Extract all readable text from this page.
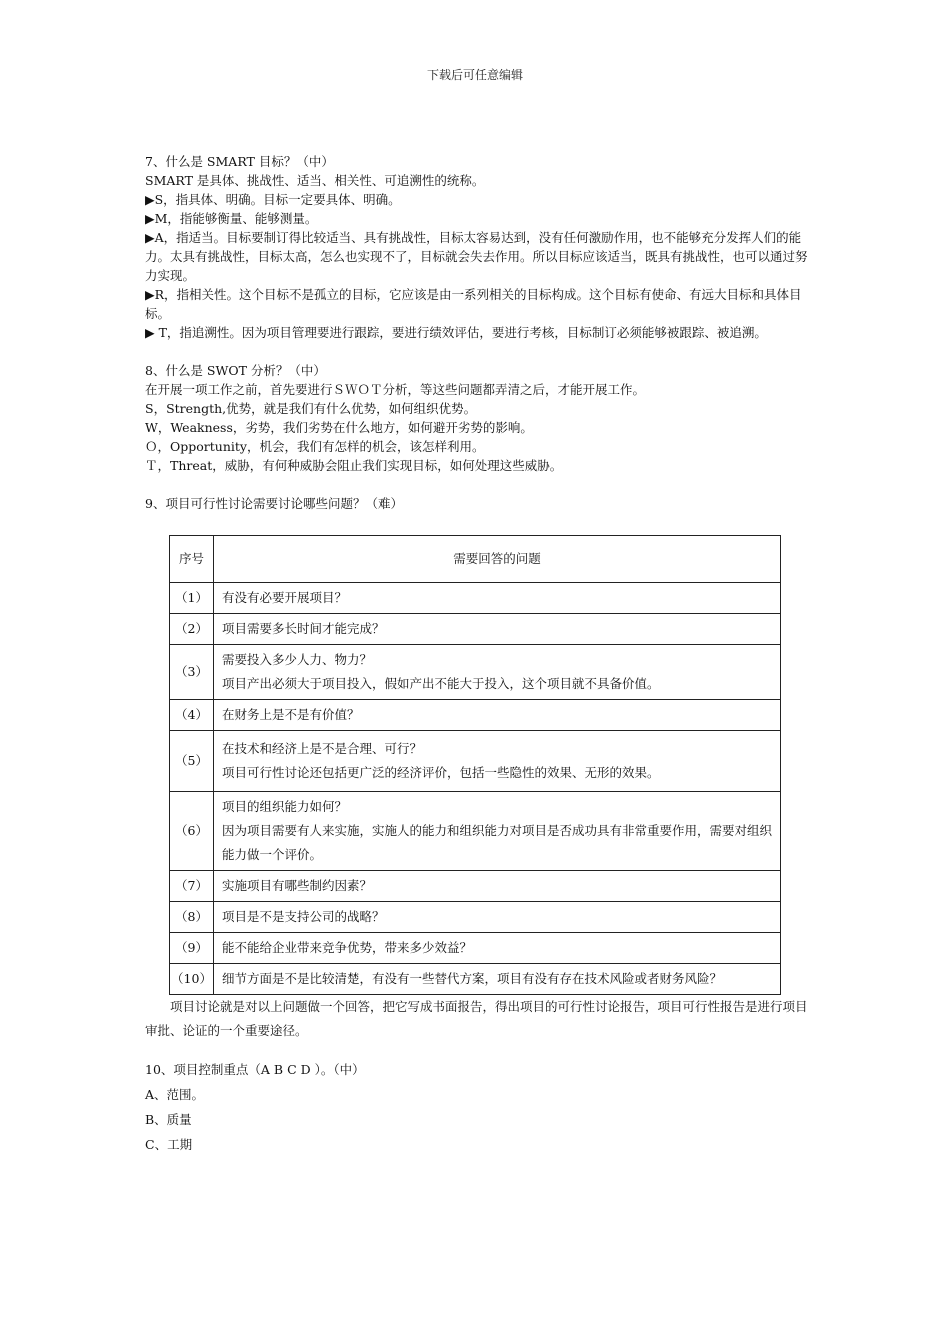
下载后可任意编辑

7、什么是 SMART 目标？（中）

SMART 是具体、挑战性、适当、相关性、可追溯性的统称。

▶S，指具体、明确。目标一定要具体、明确。

▶M，指能够衡量、能够测量。

▶A，指适当。目标要制订得比较适当、具有挑战性，目标太容易达到，没有任何激励作用，也不能够充分发挥人们的能力。太具有挑战性，目标太高，怎么也实现不了，目标就会失去作用。所以目标应该适当，既具有挑战性，也可以通过努力实现。

▶R，指相关性。这个目标不是孤立的目标，它应该是由一系列相关的目标构成。这个目标有使命、有远大目标和具体目标。

▶ T，指追溯性。因为项目管理要进行跟踪，要进行绩效评估，要进行考核，目标制订必须能够被跟踪、被追溯。

8、什么是 SWOT 分析？（中）

在开展一项工作之前，首先要进行ＳＷＯＴ分析，等这些问题都弄清之后，才能开展工作。

S，Strength,优势，就是我们有什么优势，如何组织优势。

W，Weakness，劣势，我们劣势在什么地方，如何避开劣势的影响。

Ｏ，Opportunity，机会，我们有怎样的机会，该怎样利用。

Ｔ，Threat，威胁，有何种威胁会阻止我们实现目标，如何处理这些威胁。

9、项目可行性讨论需要讨论哪些问题？（难）

序号	需要回答的问题
（1）	有没有必要开展项目？

（2）	项目需要多长时间才能完成？

（3）	需要投入多少人力、物力？
项目产出必须大于项目投入，假如产出不能大于投入，这个项目就不具备价值。

（4）	在财务上是不是有价值？

（5）	在技术和经济上是不是合理、可行？
项目可行性讨论还包括更广泛的经济评价，包括一些隐性的效果、无形的效果。

（6）	项目的组织能力如何？
因为项目需要有人来实施，实施人的能力和组织能力对项目是否成功具有非常重要作用，需要对组织能力做一个评价。

（7）	实施项目有哪些制约因素？

（8）	项目是不是支持公司的战略？

（9）	能不能给企业带来竞争优势，带来多少效益？

（10）	细节方面是不是比较清楚，有没有一些替代方案，项目有没有存在技术风险或者财务风险？

项目讨论就是对以上问题做一个回答，把它写成书面报告，得出项目的可行性讨论报告，项目可行性报告是进行项目审批、论证的一个重要途径。

10、项目控制重点（A B C D ）。（中）

A、范围。

B、质量

C、工期
